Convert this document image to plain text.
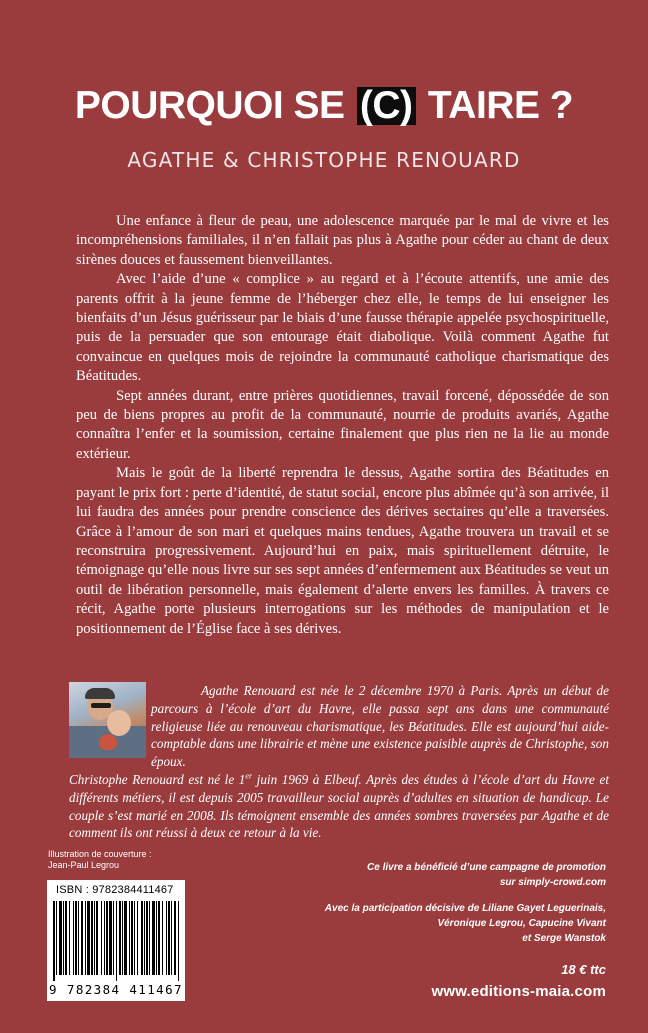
POURQUOI SE (C) TAIRE ?
AGATHE & CHRISTOPHE RENOUARD

Une enfance à fleur de peau, une adolescence marquée par le mal de vivre et les incompréhensions familiales, il n’en fallait pas plus à Agathe pour céder au chant de deux sirènes douces et faussement bienveillantes.

Avec l’aide d’une « complice » au regard et à l’écoute attentifs, une amie des parents offrit à la jeune femme de l’héberger chez elle, le temps de lui enseigner les bienfaits d’un Jésus guérisseur par le biais d’une fausse thérapie appelée psychospirituelle, puis de la persuader que son entourage était diabolique. Voilà comment Agathe fut convaincue en quelques mois de rejoindre la communauté catholique charismatique des Béatitudes.

Sept années durant, entre prières quotidiennes, travail forcené, dépossédée de son peu de biens propres au profit de la communauté, nourrie de produits avariés, Agathe connaîtra l’enfer et la soumission, certaine finalement que plus rien ne la lie au monde extérieur.

Mais le goût de la liberté reprendra le dessus, Agathe sortira des Béatitudes en payant le prix fort : perte d’identité, de statut social, encore plus abîmée qu’à son arrivée, il lui faudra des années pour prendre conscience des dérives sectaires qu’elle a traversées. Grâce à l’amour de son mari et quelques mains tendues, Agathe trouvera un travail et se reconstruira progressivement. Aujourd’hui en paix, mais spirituellement détruite, le témoignage qu’elle nous livre sur ses sept années d’enfermement aux Béatitudes se veut un outil de libération personnelle, mais également d’alerte envers les familles. À travers ce récit, Agathe porte plusieurs interrogations sur les méthodes de manipulation et le positionnement de l’Église face à ses dérives.

Agathe Renouard est née le 2 décembre 1970 à Paris. Après un début de parcours à l’école d’art du Havre, elle passa sept ans dans une communauté religieuse liée au renouveau charismatique, les Béatitudes. Elle est aujourd’hui aide-comptable dans une librairie et mène une existence paisible auprès de Christophe, son époux.

Christophe Renouard est né le 1er juin 1969 à Elbeuf. Après des études à l’école d’art du Havre et différents métiers, il est depuis 2005 travailleur social auprès d’adultes en situation de handicap. Le couple s’est marié en 2008. Ils témoignent ensemble des années sombres traversées par Agathe et de comment ils ont réussi à deux ce retour à la vie.

Illustration de couverture :
Jean-Paul Legrou
ISBN : 9782384411467
9 782384 411467

Ce livre a bénéficié d’une campagne de promotion

sur simply-crowd.com

Avec la participation décisive de Liliane Gayet Leguerinais,

Véronique Legrou, Capucine Vivant

et Serge Wanstok

18 € ttc
www.editions-maia.com
